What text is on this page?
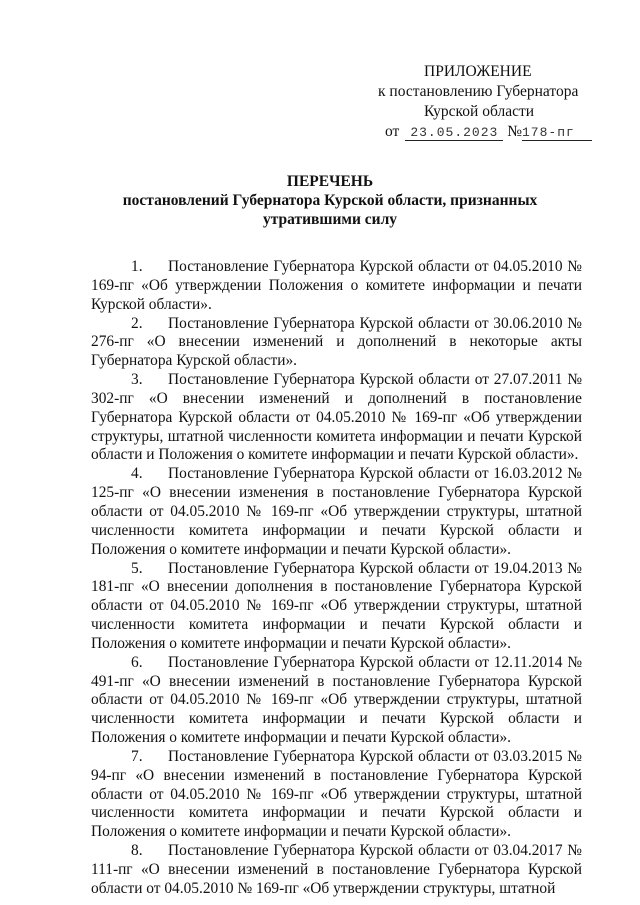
ПРИЛОЖЕНИЕ
к постановлению Губернатора
Курской области
от 23.05.2023 №178-пг
ПЕРЕЧЕНЬ
постановлений Губернатора Курской области, признанных
утратившими силу

1. Постановление Губернатора Курской области от 04.05.2010 № 169-пг «Об утверждении Положения о комитете информации и печати Курской области».

2. Постановление Губернатора Курской области от 30.06.2010 № 276-пг «О внесении изменений и дополнений в некоторые акты Губернатора Курской области».

3. Постановление Губернатора Курской области от 27.07.2011 № 302-пг «О внесении изменений и дополнений в постановление Губернатора Курской области от 04.05.2010 № 169-пг «Об утверждении структуры, штатной численности комитета информации и печати Курской области и Положения о комитете информации и печати Курской области».

4. Постановление Губернатора Курской области от 16.03.2012 № 125-пг «О внесении изменения в постановление Губернатора Курской области от 04.05.2010 № 169-пг «Об утверждении структуры, штатной численности комитета информации и печати Курской области и Положения о комитете информации и печати Курской области».

5. Постановление Губернатора Курской области от 19.04.2013 № 181-пг «О внесении дополнения в постановление Губернатора Курской области от 04.05.2010 № 169-пг «Об утверждении структуры, штатной численности комитета информации и печати Курской области и Положения о комитете информации и печати Курской области».

6. Постановление Губернатора Курской области от 12.11.2014 № 491-пг «О внесении изменений в постановление Губернатора Курской области от 04.05.2010 № 169-пг «Об утверждении структуры, штатной численности комитета информации и печати Курской области и Положения о комитете информации и печати Курской области».

7. Постановление Губернатора Курской области от 03.03.2015 № 94-пг «О внесении изменений в постановление Губернатора Курской области от 04.05.2010 № 169-пг «Об утверждении структуры, штатной численности комитета информации и печати Курской области и Положения о комитете информации и печати Курской области».

8. Постановление Губернатора Курской области от 03.04.2017 № 111-пг «О внесении изменений в постановление Губернатора Курской области от 04.05.2010 № 169-пг «Об утверждении структуры, штатной
